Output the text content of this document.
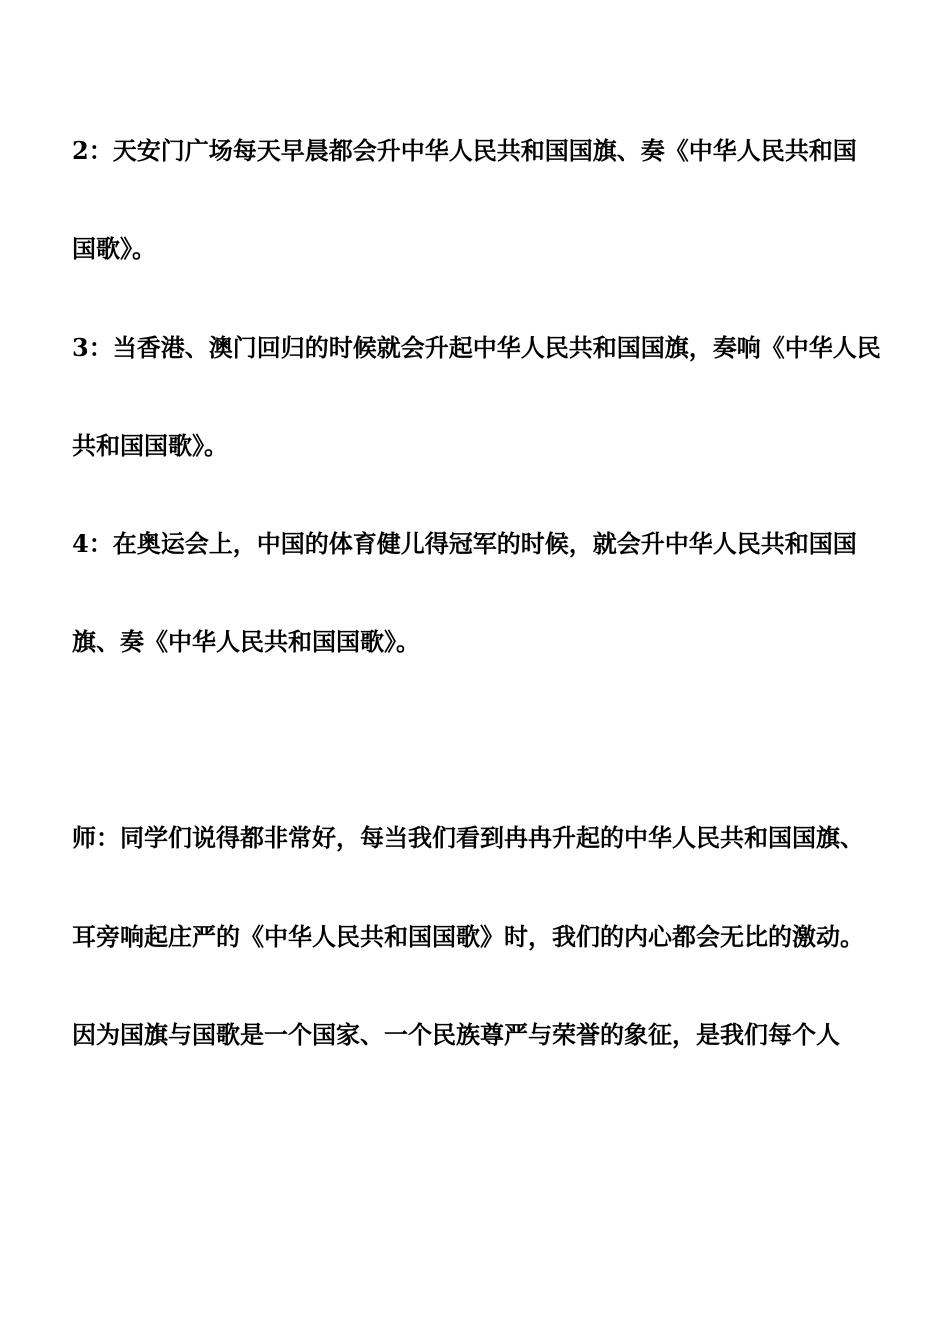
2：天安门广场每天早晨都会升中华人民共和国国旗、奏《中华人民共和国
国歌》。
3：当香港、澳门回归的时候就会升起中华人民共和国国旗，奏响《中华人民
共和国国歌》。
4：在奥运会上，中国的体育健儿得冠军的时候，就会升中华人民共和国国
旗、奏《中华人民共和国国歌》。
师：同学们说得都非常好，每当我们看到冉冉升起的中华人民共和国国旗、
耳旁响起庄严的《中华人民共和国国歌》时，我们的内心都会无比的激动。
因为国旗与国歌是一个国家、一个民族尊严与荣誉的象征，是我们每个人
